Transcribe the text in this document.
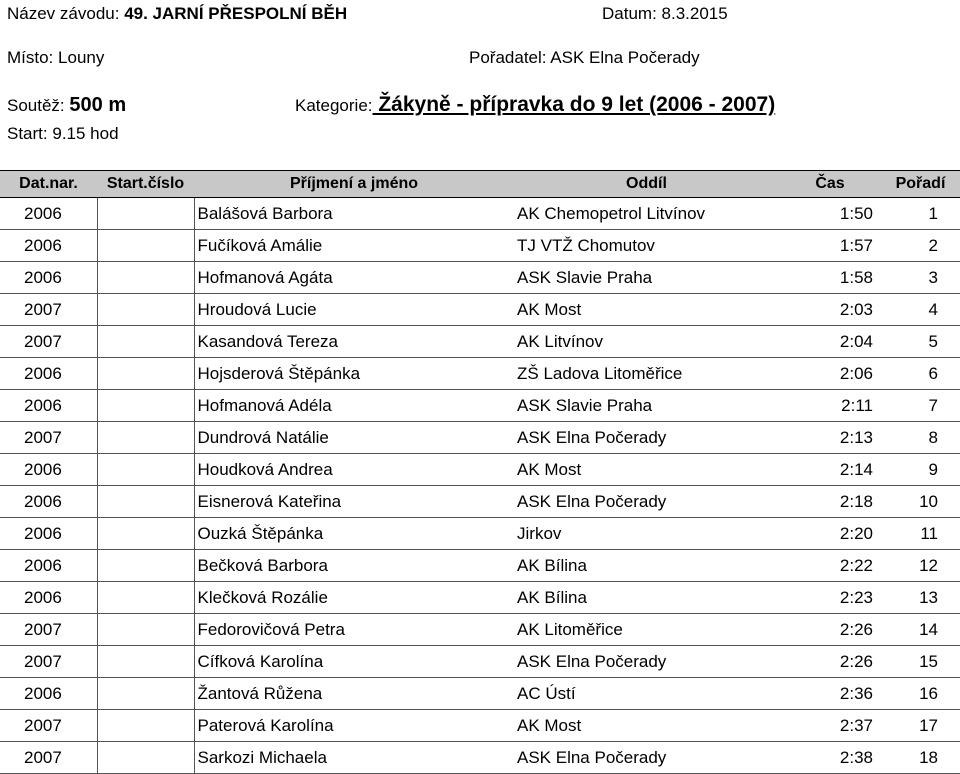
Název závodu: 49. JARNÍ PŘESPOLNÍ BĚH	Datum: 8.3.2015
Místo: Louny	Pořadatel: ASK Elna Počerady
Soutěž: 500 m	Kategorie: Žákyně - přípravka do 9 let (2006 - 2007)
Start: 9.15 hod
Dat.nar.	Start.číslo	Příjmení a jméno	Oddíl	Čas	Pořadí
2006		Balášová Barbora	AK Chemopetrol Litvínov	1:50	1
2006		Fučíková Amálie	TJ VTŽ Chomutov	1:57	2
2006		Hofmanová Agáta	ASK Slavie Praha	1:58	3
2007		Hroudová Lucie	AK Most	2:03	4
2007		Kasandová Tereza	AK Litvínov	2:04	5
2006		Hojsderová Štěpánka	ZŠ Ladova Litoměřice	2:06	6
2006		Hofmanová Adéla	ASK Slavie Praha	2:11	7
2007		Dundrová Natálie	ASK Elna Počerady	2:13	8
2006		Houdková Andrea	AK Most	2:14	9
2006		Eisnerová Kateřina	ASK Elna Počerady	2:18	10
2006		Ouzká Štěpánka	Jirkov	2:20	11
2006		Bečková Barbora	AK Bílina	2:22	12
2006		Klečková Rozálie	AK Bílina	2:23	13
2007		Fedorovičová Petra	AK Litoměřice	2:26	14
2007		Cífková Karolína	ASK Elna Počerady	2:26	15
2006		Žantová Růžena	AC Ústí	2:36	16
2007		Paterová Karolína	AK Most	2:37	17
2007		Sarkozi Michaela	ASK Elna Počerady	2:38	18
